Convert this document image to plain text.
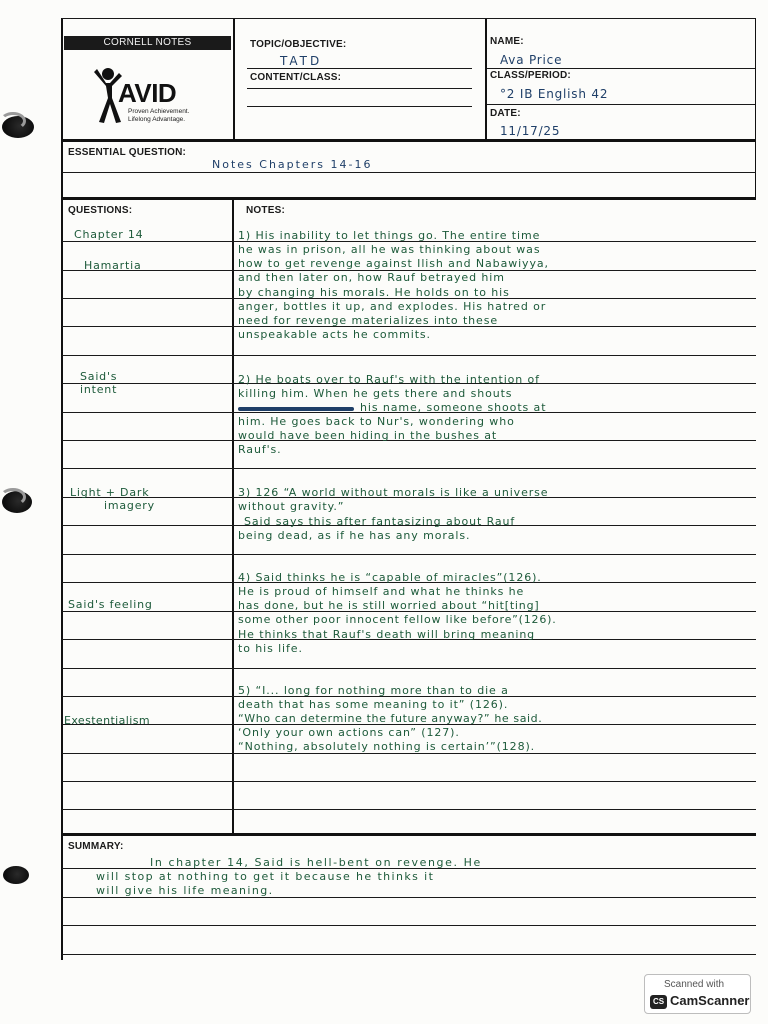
CORNELL NOTES
AVID
Proven Achievement.
Lifelong Advantage.
TOPIC/OBJECTIVE:
TATD
CONTENT/CLASS:
NAME:
Ava Price
CLASS/PERIOD:
°2 IB English 42
DATE:
11/17/25
ESSENTIAL QUESTION:
Notes Chapters 14-16
QUESTIONS:	NOTES:
Chapter 14
Hamartia
Said's
intent
Light + Dark
imagery
Said's feeling
Exestentialism
1) His inability to let things go. The entire time
he was in prison, all he was thinking about was
how to get revenge against Ilish and Nabawiyya,
and then later on, how Rauf betrayed him
by changing his morals. He holds on to his
anger, bottles it up, and explodes. His hatred or
need for revenge materializes into these
unspeakable acts he commits.
2) He boats over to Rauf's with the intention of
killing him. When he gets there and shouts
his name, someone shoots at
him. He goes back to Nur's, wondering who
would have been hiding in the bushes at
Rauf's.
3) 126 “A world without morals is like a universe
without gravity.”
Said says this after fantasizing about Rauf
being dead, as if he has any morals.
4) Said thinks he is “capable of miracles”(126).
He is proud of himself and what he thinks he
has done, but he is still worried about “hit[ting]
some other poor innocent fellow like before”(126).
He thinks that Rauf's death will bring meaning
to his life.
5) “I... long for nothing more than to die a
death that has some meaning to it” (126).
“Who can determine the future anyway?” he said.
‘Only your own actions can” (127).
“Nothing, absolutely nothing is certain’”(128).
SUMMARY:
In chapter 14, Said is hell-bent on revenge. He
will stop at nothing to get it because he thinks it
will give his life meaning.
Scanned with
CS CamScanner
